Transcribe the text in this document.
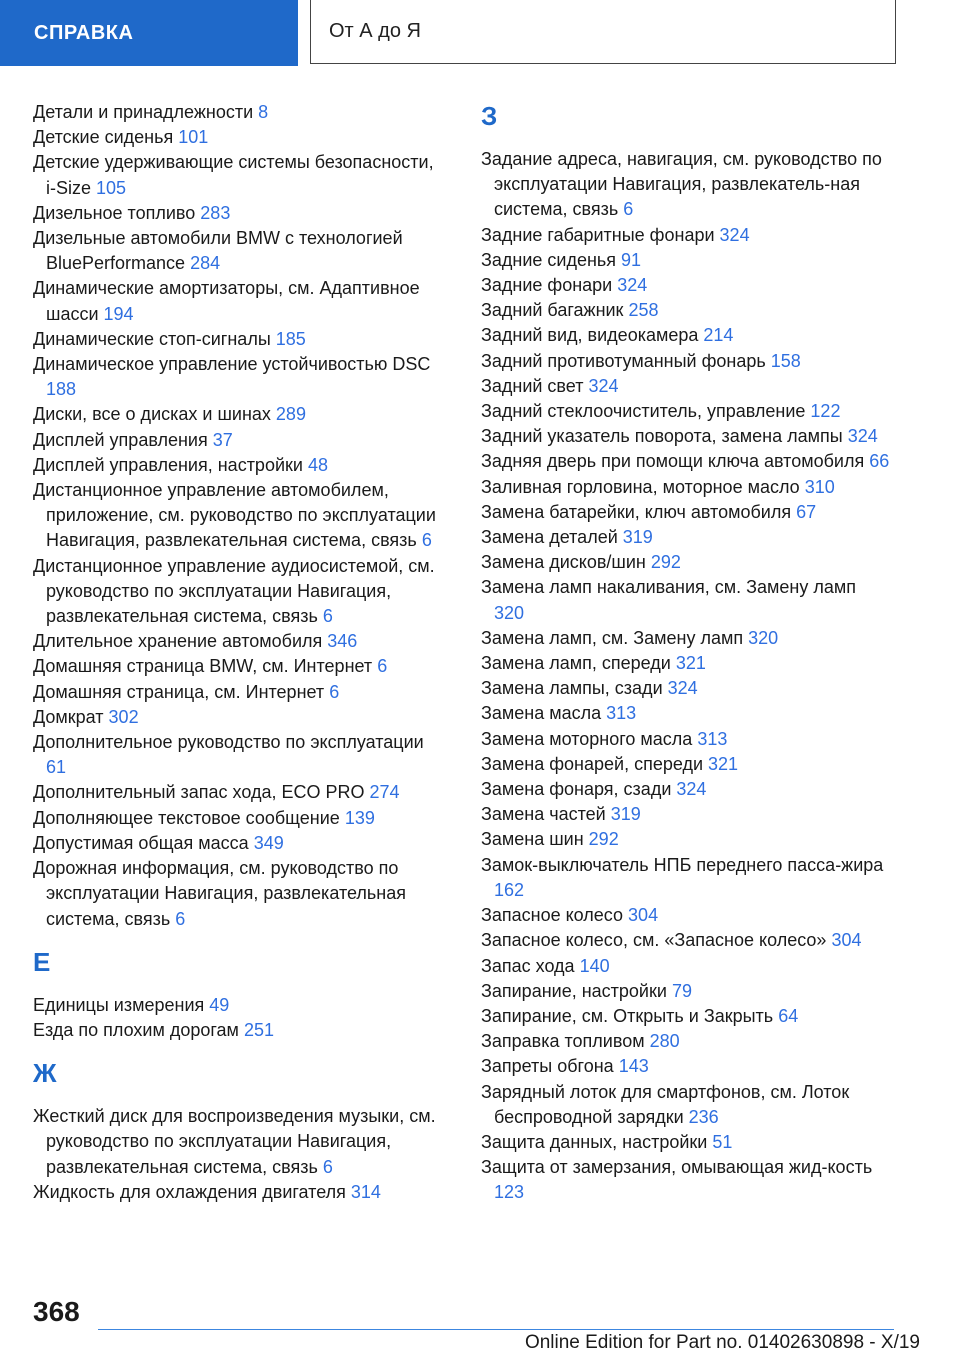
СПРАВКА	От А до Я
Детали и принадлежности 8
Детские сиденья 101
Детские удерживающие системы безопасности, i-Size 105
Дизельное топливо 283
Дизельные автомобили BMW с технологией BluePerformance 284
Динамические амортизаторы, см. Адаптивное шасси 194
Динамические стоп-сигналы 185
Динамическое управление устойчивостью DSC 188
Диски, все о дисках и шинах 289
Дисплей управления 37
Дисплей управления, настройки 48
Дистанционное управление автомобилем, приложение, см. руководство по эксплуатации Навигация, развлекательная система, связь 6
Дистанционное управление аудиосистемой, см. руководство по эксплуатации Навигация, развлекательная система, связь 6
Длительное хранение автомобиля 346
Домашняя страница BMW, см. Интернет 6
Домашняя страница, см. Интернет 6
Домкрат 302
Дополнительное руководство по эксплуатации 61
Дополнительный запас хода, ECO PRO 274
Дополняющее текстовое сообщение 139
Допустимая общая масса 349
Дорожная информация, см. руководство по эксплуатации Навигация, развлекательная система, связь 6
Е
Единицы измерения 49
Езда по плохим дорогам 251
Ж
Жесткий диск для воспроизведения музыки, см. руководство по эксплуатации Навигация, развлекательная система, связь 6
Жидкость для охлаждения двигателя 314
З
Задание адреса, навигация, см. руководство по эксплуатации Навигация, развлекатель-ная система, связь 6
Задние габаритные фонари 324
Задние сиденья 91
Задние фонари 324
Задний багажник 258
Задний вид, видеокамера 214
Задний противотуманный фонарь 158
Задний свет 324
Задний стеклоочиститель, управление 122
Задний указатель поворота, замена лампы 324
Задняя дверь при помощи ключа автомобиля 66
Заливная горловина, моторное масло 310
Замена батарейки, ключ автомобиля 67
Замена деталей 319
Замена дисков/шин 292
Замена ламп накаливания, см. Замену ламп 320
Замена ламп, см. Замену ламп 320
Замена ламп, спереди 321
Замена лампы, сзади 324
Замена масла 313
Замена моторного масла 313
Замена фонарей, спереди 321
Замена фонаря, сзади 324
Замена частей 319
Замена шин 292
Замок-выключатель НПБ переднего пасса-жира 162
Запасное колесо 304
Запасное колесо, см. «Запасное колесо» 304
Запас хода 140
Запирание, настройки 79
Запирание, см. Открыть и Закрыть 64
Заправка топливом 280
Запреты обгона 143
Зарядный лоток для смартфонов, см. Лоток беспроводной зарядки 236
Защита данных, настройки 51
Защита от замерзания, омывающая жид-кость 123
368
Online Edition for Part no. 01402630898 - X/19
